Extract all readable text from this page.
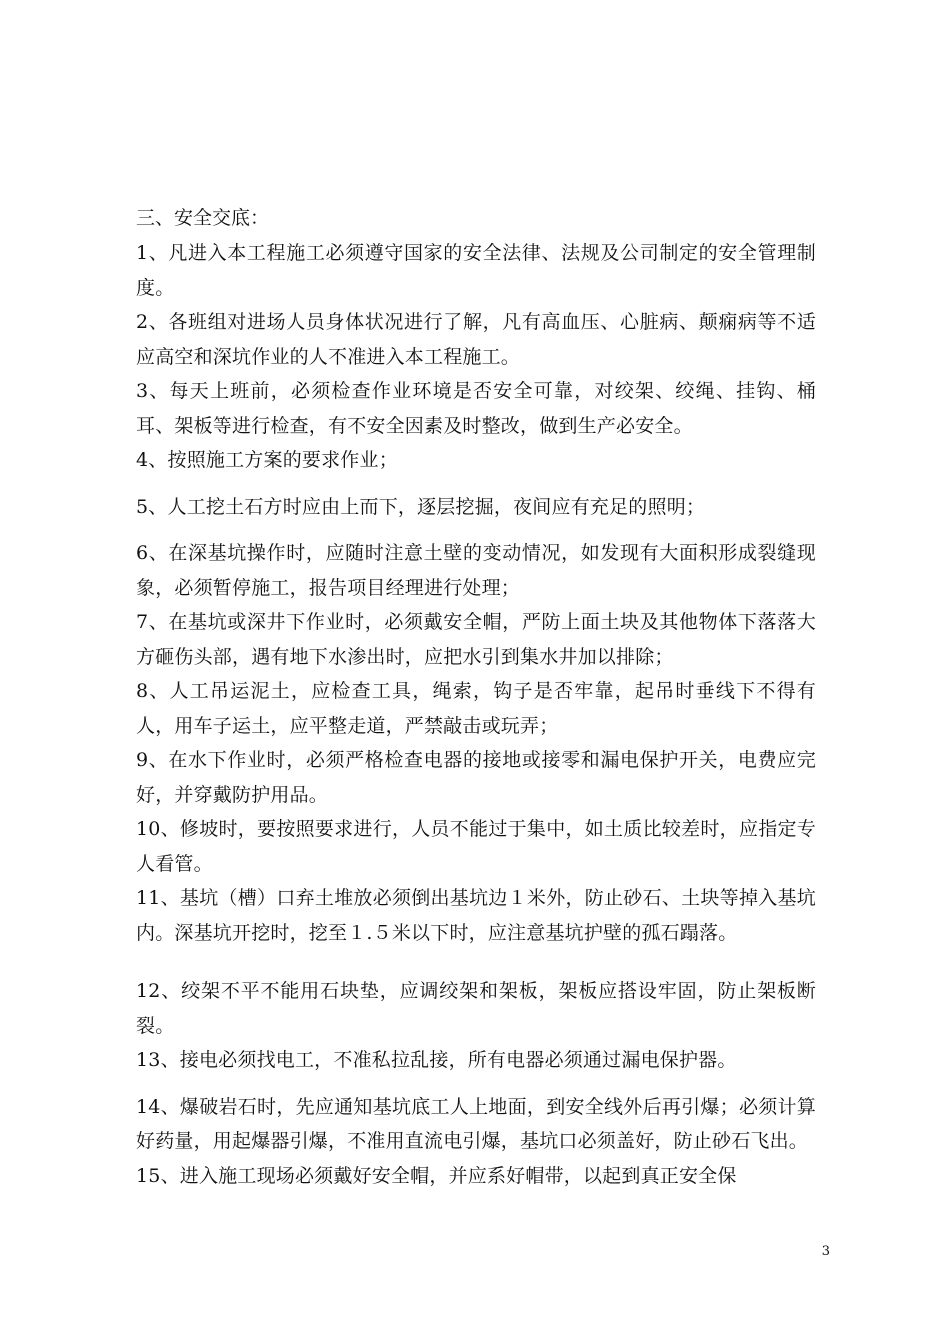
三、安全交底：

1、凡进入本工程施工必须遵守国家的安全法律、法规及公司制定的安全管理制度。

2、各班组对进场人员身体状况进行了解，凡有高血压、心脏病、颠痫病等不适应高空和深坑作业的人不准进入本工程施工。

3、每天上班前，必须检查作业环境是否安全可靠，对绞架、绞绳、挂钩、桶耳、架板等进行检查，有不安全因素及时整改，做到生产必安全。

4、按照施工方案的要求作业；

5、人工挖土石方时应由上而下，逐层挖掘，夜间应有充足的照明；

6、在深基坑操作时，应随时注意土壁的变动情况，如发现有大面积形成裂缝现象，必须暂停施工，报告项目经理进行处理；

7、在基坑或深井下作业时，必须戴安全帽，严防上面土块及其他物体下落落大方砸伤头部，遇有地下水渗出时，应把水引到集水井加以排除；

8、人工吊运泥土，应检查工具，绳索，钩子是否牢靠，起吊时垂线下不得有人，用车子运土，应平整走道，严禁敲击或玩弄；

9、在水下作业时，必须严格检查电器的接地或接零和漏电保护开关，电费应完好，并穿戴防护用品。

10、修坡时，要按照要求进行，人员不能过于集中，如土质比较差时，应指定专人看管。

11、基坑（槽）口弃土堆放必须倒出基坑边１米外，防止砂石、土块等掉入基坑内。深基坑开挖时，挖至１.５米以下时，应注意基坑护壁的孤石蹋落。

12、绞架不平不能用石块垫，应调绞架和架板，架板应搭设牢固，防止架板断裂。

13、接电必须找电工，不准私拉乱接，所有电器必须通过漏电保护器。

14、爆破岩石时，先应通知基坑底工人上地面，到安全线外后再引爆；必须计算好药量，用起爆器引爆，不准用直流电引爆，基坑口必须盖好，防止砂石飞出。

15、进入施工现场必须戴好安全帽，并应系好帽带，以起到真正安全保

3
